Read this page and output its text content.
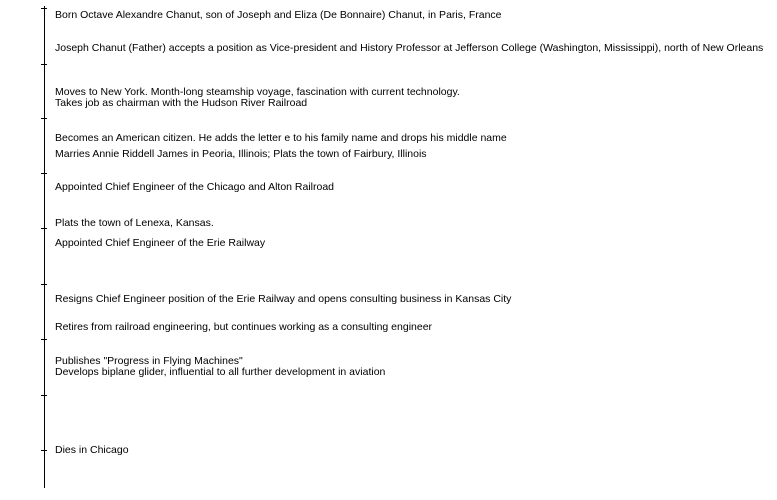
Born Octave Alexandre Chanut, son of Joseph and Eliza (De Bonnaire) Chanut, in Paris, France
Joseph Chanut (Father) accepts a position as Vice-president and History Professor at Jefferson College (Washington, Mississippi), north of New Orleans
Moves to New York. Month-long steamship voyage, fascination with current technology.
Takes job as chairman with the Hudson River Railroad
Becomes an American citizen. He adds the letter e to his family name and drops his middle name
Marries Annie Riddell James in Peoria, Illinois; Plats the town of Fairbury, Illinois
Appointed Chief Engineer of the Chicago and Alton Railroad
Plats the town of Lenexa, Kansas.
Appointed Chief Engineer of the Erie Railway
Resigns Chief Engineer position of the Erie Railway and opens consulting business in Kansas City
Retires from railroad engineering, but continues working as a consulting engineer
Publishes "Progress in Flying Machines"
Develops biplane glider, influential to all further development in aviation
Dies in Chicago
